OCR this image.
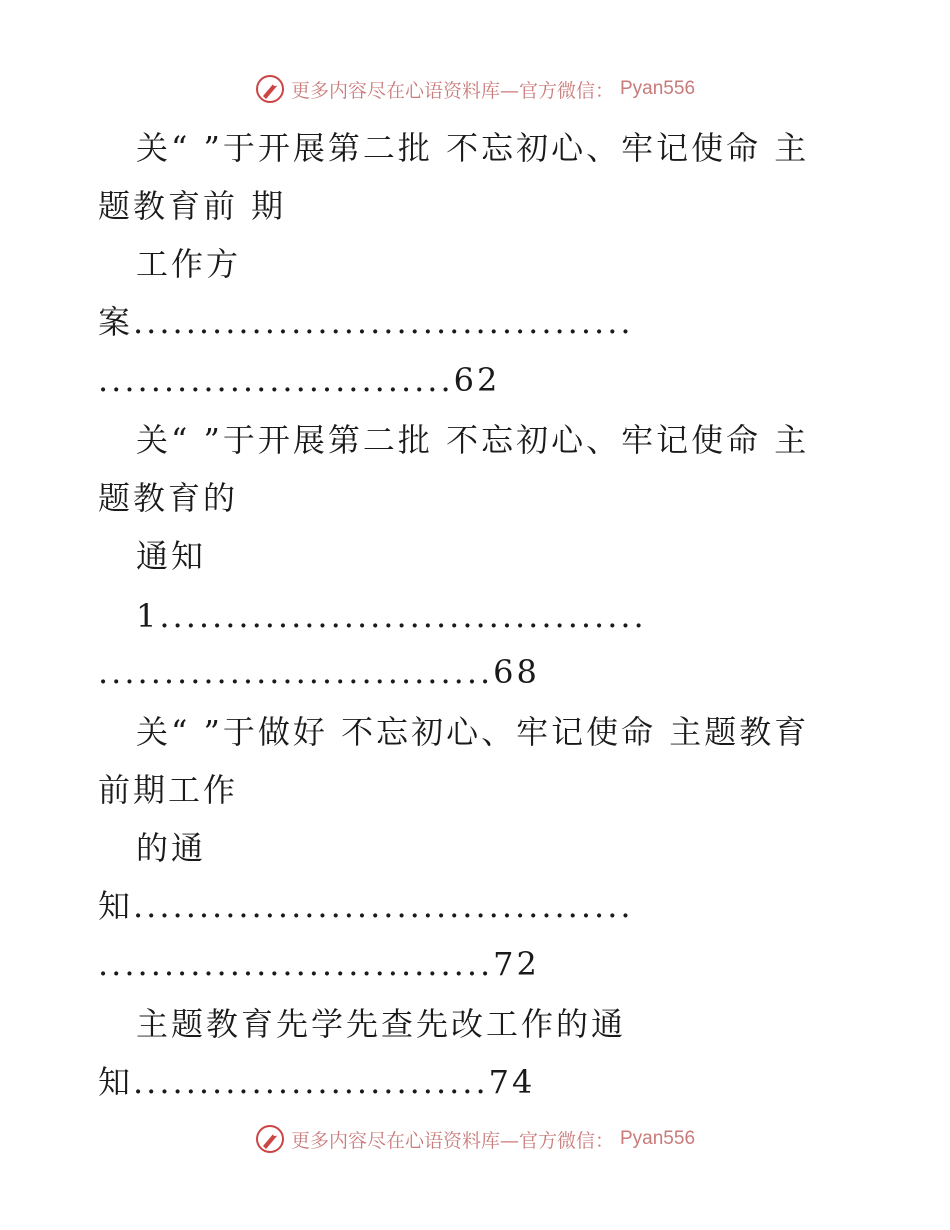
更多内容尽在心语资料库—官方微信： Pyan556
关“ ”于开展第二批 不忘初心、牢记使命 主
题教育前 期
工作方
案......................................
...........................62
关“ ”于开展第二批 不忘初心、牢记使命 主
题教育的
通知
1.....................................
..............................68
关“ ”于做好 不忘初心、牢记使命 主题教育
前期工作
的通
知......................................
..............................72
主题教育先学先查先改工作的通
知...........................74
更多内容尽在心语资料库—官方微信： Pyan556
